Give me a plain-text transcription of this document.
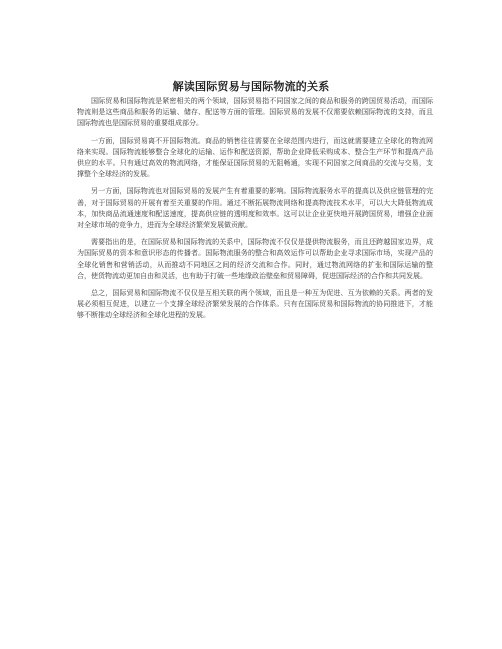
解读国际贸易与国际物流的关系

国际贸易和国际物流是紧密相关的两个领域，国际贸易指不同国家之间的商品和服务的跨国贸易活动，而国际物流则是这些商品和服务的运输、储存、配送等方面的管理。国际贸易的发展不仅需要依赖国际物流的支持，而且国际物流也是国际贸易的重要组成部分。

一方面，国际贸易离不开国际物流。商品的销售往往需要在全球范围内进行，而这就需要建立全球化的物流网络来实现。国际物流能够整合全球化的运输、运作和配送资源，帮助企业降低采购成本、整合生产环节和提高产品供应的水平。只有通过高效的物流网络，才能保证国际贸易的无阻畅通，实现不同国家之间商品的交流与交易，支撑整个全球经济的发展。

另一方面，国际物流也对国际贸易的发展产生有着重要的影响。国际物流服务水平的提高以及供应链管理的完善，对于国际贸易的开展有着至关重要的作用。通过不断拓展物流网络和提高物流技术水平，可以大大降低物流成本，加快商品流通速度和配送速度，提高供应链的透明度和效率。这可以让企业更快地开展跨国贸易，增强企业面对全球市场的竞争力，进而为全球经济繁荣发展做贡献。

需要指出的是，在国际贸易和国际物流的关系中，国际物流不仅仅是提供物流服务，而且还跨越国家边界，成为国际贸易的资本和意识形态的传播者。国际物流服务的整合和高效运作可以帮助企业寻求国际市场，实现产品的全球化销售和营销活动，从而推动不同地区之间的经济交流和合作。同时，通过物流网络的扩张和国际运输的整合，使货物流动更加自由和灵活，也有助于打破一些地缘政治壁垒和贸易障碍，促进国际经济的合作和共同发展。

总之，国际贸易和国际物流不仅仅是互相关联的两个领域，而且是一种互为促进、互为依赖的关系。两者的发展必须相互促进，以建立一个支撑全球经济繁荣发展的合作体系。只有在国际贸易和国际物流的协同推进下，才能够不断推动全球经济和全球化进程的发展。
